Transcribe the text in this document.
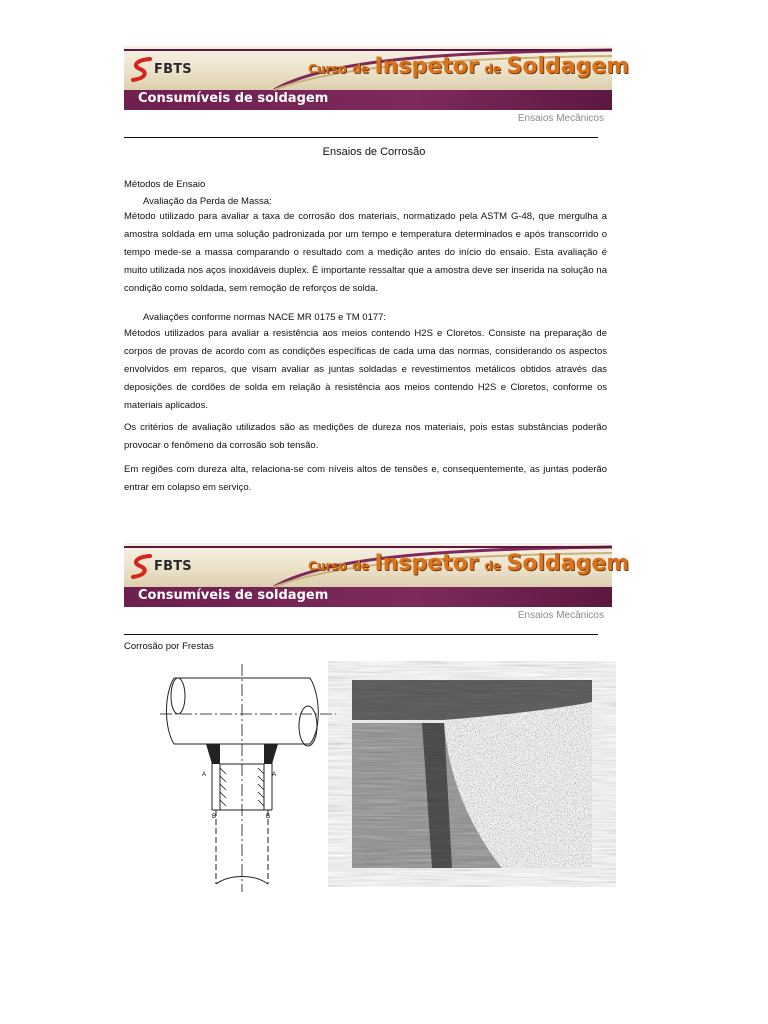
FBTS	Curso de Inspetor de Soldagem
Consumíveis de soldagem
Ensaios Mecânicos
Ensaios de Corrosão
Métodos de Ensaio
Avaliação da Perda de Massa:
Método utilizado para avaliar a taxa de corrosão dos materiais, normatizado pela ASTM G-48, que mergulha a amostra soldada em uma solução padronizada por um tempo e temperatura determinados e após transcorrido o tempo mede-se a massa comparando o resultado com a medição antes do início do ensaio. Esta avaliação é muito utilizada nos aços inoxidáveis duplex. É importante ressaltar que a amostra deve ser inserida na solução na condição como soldada, sem remoção de reforços de solda.
Avaliações conforme normas NACE MR 0175 e TM 0177:
Métodos utilizados para avaliar a resistência aos meios contendo H2S e Cloretos. Consiste na preparação de corpos de provas de acordo com as condições específicas de cada uma das normas, considerando os aspectos envolvidos em reparos, que visam avaliar as juntas soldadas e revestimentos metálicos obtidos através das deposições de cordões de solda em relação à resistência aos meios contendo H2S e Cloretos, conforme os materiais aplicados.
Os critérios de avaliação utilizados são as medições de dureza nos materiais, pois estas substâncias poderão provocar o fenômeno da corrosão sob tensão.
Em regiões com dureza alta, relaciona-se com níveis altos de tensões e, consequentemente, as juntas poderão entrar em colapso em serviço.
FBTS	Curso de Inspetor de Soldagem
Consumíveis de soldagem
Ensaios Mecânicos
Corrosão por Frestas
A	A
B	B
